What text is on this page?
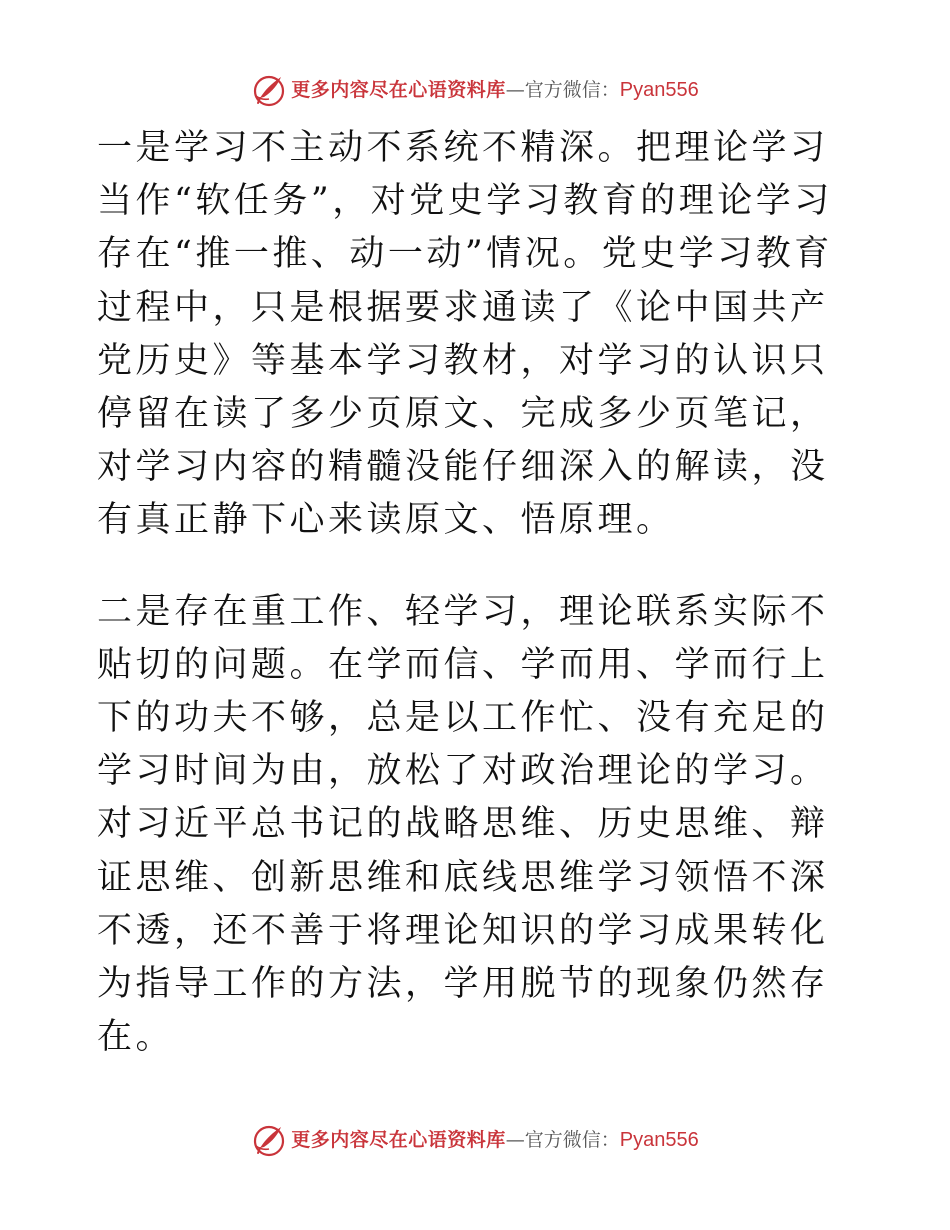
更多内容尽在心语资料库 —官方微信： Pyan556

一是学习不主动不系统不精深。把理论学习当作“软任务”，对党史学习教育的理论学习存在“推一推、动一动”情况。党史学习教育过程中，只是根据要求通读了《论中国共产党历史》等基本学习教材，对学习的认识只停留在读了多少页原文、完成多少页笔记，对学习内容的精髓没能仔细深入的解读，没有真正静下心来读原文、悟原理。

二是存在重工作、轻学习，理论联系实际不贴切的问题。在学而信、学而用、学而行上下的功夫不够，总是以工作忙、没有充足的学习时间为由，放松了对政治理论的学习。对习近平总书记的战略思维、历史思维、辩证思维、创新思维和底线思维学习领悟不深不透，还不善于将理论知识的学习成果转化为指导工作的方法，学用脱节的现象仍然存在。

更多内容尽在心语资料库 —官方微信： Pyan556
